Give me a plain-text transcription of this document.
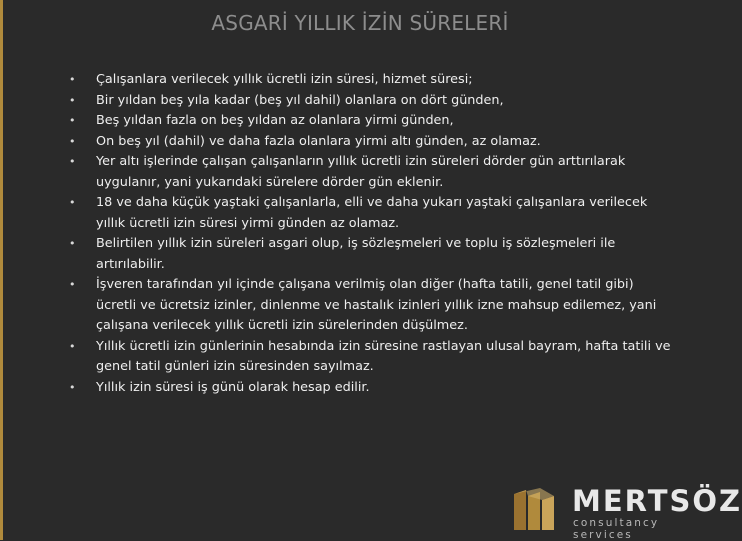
ASGARİ YILLIK İZİN SÜRELERİ
• Çalışanlara verilecek yıllık ücretli izin süresi, hizmet süresi;
• Bir yıldan beş yıla kadar (beş yıl dahil) olanlara on dört günden,
• Beş yıldan fazla on beş yıldan az olanlara yirmi günden,
• On beş yıl (dahil) ve daha fazla olanlara yirmi altı günden, az olamaz.
• Yer altı işlerinde çalışan çalışanların yıllık ücretli izin süreleri dörder gün arttırılarak uygulanır, yani yukarıdaki sürelere dörder gün eklenir.
• 18 ve daha küçük yaştaki çalışanlarla, elli ve daha yukarı yaştaki çalışanlara verilecek yıllık ücretli izin süresi yirmi günden az olamaz.
• Belirtilen yıllık izin süreleri asgari olup, iş sözleşmeleri ve toplu iş sözleşmeleri ile artırılabilir.
• İşveren tarafından yıl içinde çalışana verilmiş olan diğer (hafta tatili, genel tatil gibi) ücretli ve ücretsiz izinler, dinlenme ve hastalık izinleri yıllık izne mahsup edilemez, yani çalışana verilecek yıllık ücretli izin sürelerinden düşülmez.
• Yıllık ücretli izin günlerinin hesabında izin süresine rastlayan ulusal bayram, hafta tatili ve genel tatil günleri izin süresinden sayılmaz.
• Yıllık izin süresi iş günü olarak hesap edilir.
MERTSÖZ
consultancy services
